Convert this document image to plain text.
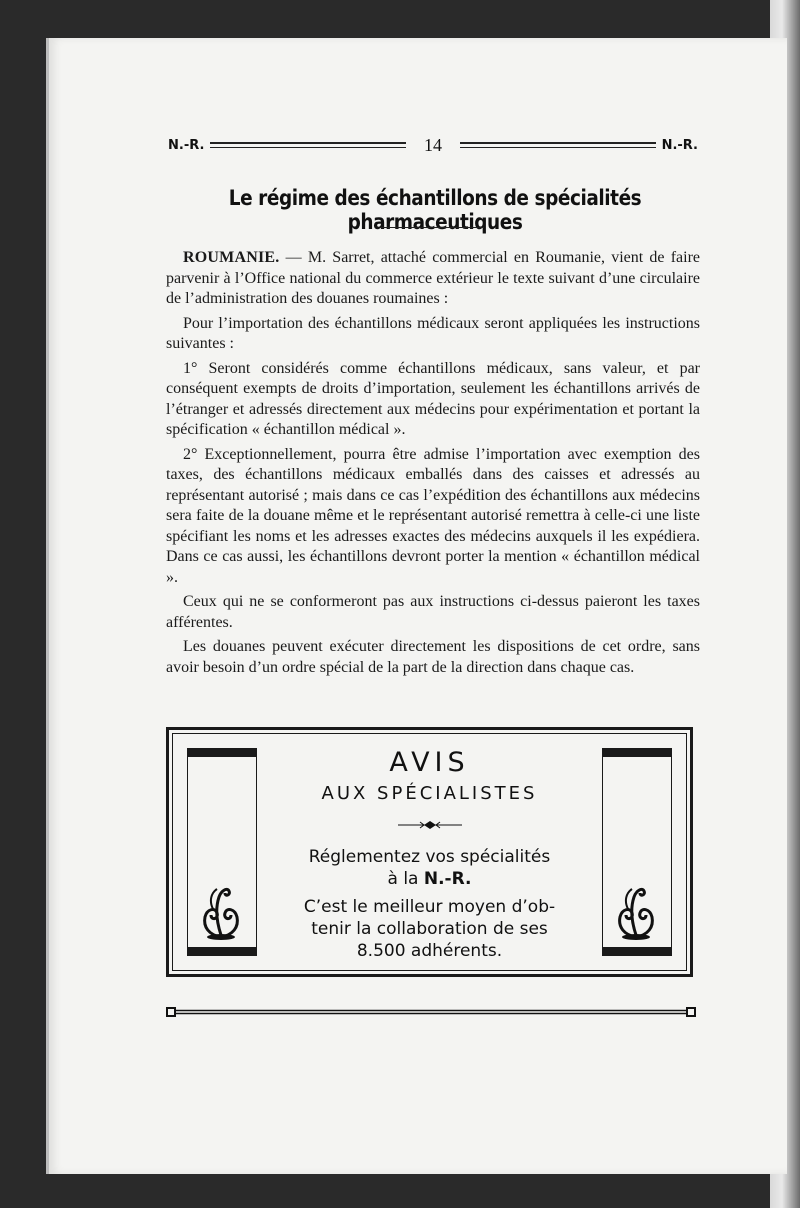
N.-R.	14	N.-R.
Le régime des échantillons de spécialités pharmaceutiques

ROUMANIE. — M. Sarret, attaché commercial en Roumanie, vient de faire parvenir à l’Office national du commerce extérieur le texte suivant d’une circulaire de l’administration des douanes roumaines :

Pour l’importation des échantillons médicaux seront appliquées les instructions suivantes :

1° Seront considérés comme échantillons médicaux, sans valeur, et par conséquent exempts de droits d’importation, seulement les échantillons arrivés de l’étranger et adressés directement aux médecins pour expérimentation et portant la spécification « échantillon médical ».

2° Exceptionnellement, pourra être admise l’importation avec exemption des taxes, des échantillons médicaux emballés dans des caisses et adressés au représentant autorisé ; mais dans ce cas l’expédition des échantillons aux médecins sera faite de la douane même et le représentant autorisé remettra à celle-ci une liste spécifiant les noms et les adresses exactes des médecins auxquels il les expédiera. Dans ce cas aussi, les échantillons devront porter la mention « échantillon médical ».

Ceux qui ne se conformeront pas aux instructions ci-dessus paieront les taxes afférentes.

Les douanes peuvent exécuter directement les dispositions de cet ordre, sans avoir besoin d’un ordre spécial de la part de la direction dans chaque cas.

AVIS
AUX SPÉCIALISTES
Réglementez vos spécialités
à la N.-R.
C’est le meilleur moyen d’ob-
tenir la collaboration de ses
8.500 adhérents.
